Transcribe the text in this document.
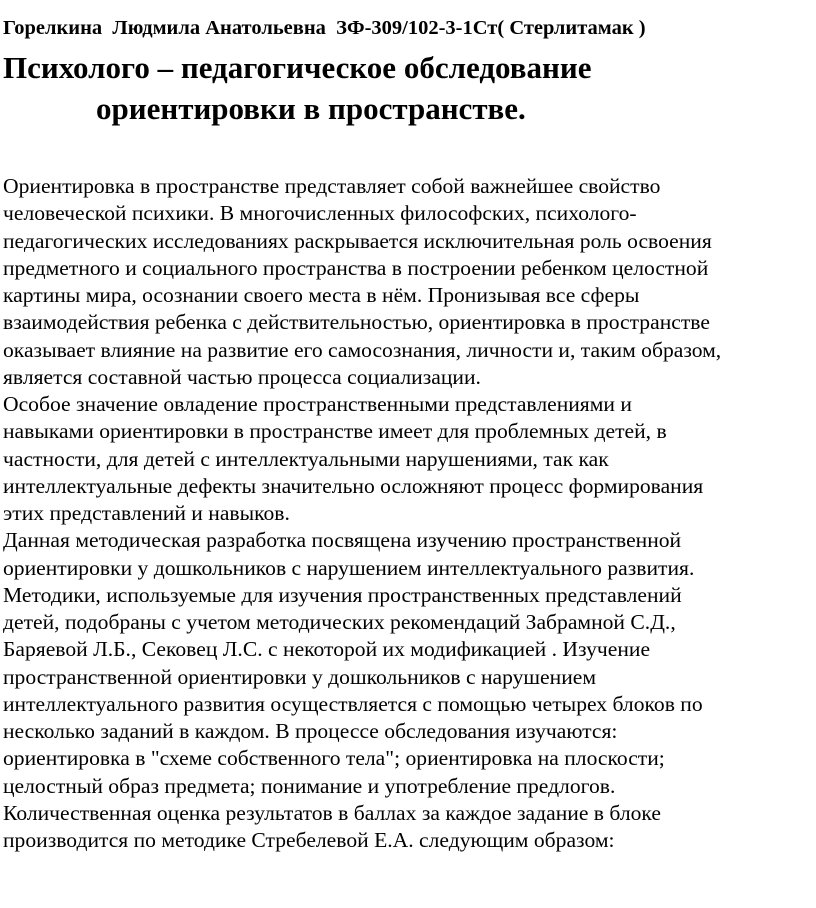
Горелкина  Людмила Анатольевна  ЗФ-309/102-3-1Ст( Стерлитамак )
Психолого – педагогическое обследование
ориентировки в пространстве.
Ориентировка в пространстве представляет собой важнейшее свойство
человеческой психики. В многочисленных философских, психолого-
педагогических исследованиях раскрывается исключительная роль освоения
предметного и социального пространства в построении ребенком целостной
картины мира, осознании своего места в нём. Пронизывая все сферы
взаимодействия ребенка с действительностью, ориентировка в пространстве
оказывает влияние на развитие его самосознания, личности и, таким образом,
является составной частью процесса социализации.
Особое значение овладение пространственными представлениями и
навыками ориентировки в пространстве имеет для проблемных детей, в
частности, для детей с интеллектуальными нарушениями, так как
интеллектуальные дефекты значительно осложняют процесс формирования
этих представлений и навыков.
Данная методическая разработка посвящена изучению пространственной
ориентировки у дошкольников с нарушением интеллектуального развития.
Методики, используемые для изучения пространственных представлений
детей, подобраны с учетом методических рекомендаций Забрамной С.Д.,
Баряевой Л.Б., Сековец Л.С. с некоторой их модификацией . Изучение
пространственной ориентировки у дошкольников с нарушением
интеллектуального развития осуществляется с помощью четырех блоков по
несколько заданий в каждом. В процессе обследования изучаются:
ориентировка в "схеме собственного тела"; ориентировка на плоскости;
целостный образ предмета; понимание и употребление предлогов.
Количественная оценка результатов в баллах за каждое задание в блоке
производится по методике Стребелевой Е.А. следующим образом:
